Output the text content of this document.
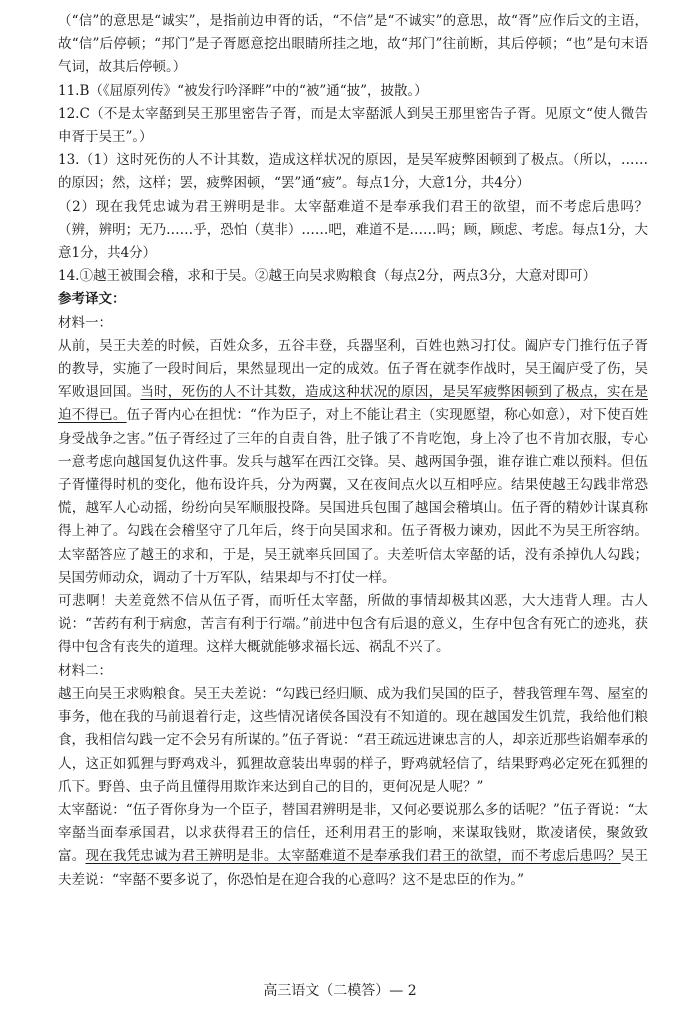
（“信”的意思是“诚实”，是指前边申胥的话，“不信”是“不诚实”的意思，故“胥”应作后文的主语，故“信”后停顿；“邦门”是子胥愿意挖出眼睛所挂之地，故“邦门”往前断，其后停顿；“也”是句末语气词，故其后停顿。）

11.B（《屈原列传》“被发行吟泽畔”中的“被”通“披”，披散。）

12.C（不是太宰嚭到吴王那里密告子胥，而是太宰嚭派人到吴王那里密告子胥。见原文“使人微告申胥于吴王”。）

13.（1）这时死伤的人不计其数，造成这样状况的原因，是吴军疲弊困顿到了极点。（所以，……的原因；然，这样；罢，疲弊困顿，“罢”通“疲”。每点1分，大意1分，共4分）

（2）现在我凭忠诚为君王辨明是非。太宰嚭难道不是奉承我们君王的欲望，而不考虑后患吗？（辨，辨明；无乃……乎，恐怕（莫非）……吧，难道不是……吗；顾，顾虑、考虑。每点1分，大意1分，共4分）

14.①越王被围会稽，求和于吴。②越王向吴求购粮食（每点2分，两点3分，大意对即可）

参考译文：

材料一：

从前，吴王夫差的时候，百姓众多，五谷丰登，兵器坚利，百姓也熟习打仗。阖庐专门推行伍子胥的教导，实施了一段时间后，果然显现出一定的成效。伍子胥在就李作战时，吴王阖庐受了伤，吴军败退回国。当时，死伤的人不计其数，造成这种状况的原因，是吴军疲弊困顿到了极点，实在是迫不得已。伍子胥内心在担忧：“作为臣子，对上不能让君主（实现愿望，称心如意），对下使百姓身受战争之害。”伍子胥经过了三年的自责自咎，肚子饿了不肯吃饱，身上冷了也不肯加衣服，专心一意考虑向越国复仇这件事。发兵与越军在西江交锋。吴、越两国争强，谁存谁亡难以预料。但伍子胥懂得时机的变化，他布设许兵，分为两翼，又在夜间点火以互相呼应。结果使越王勾践非常恐慌，越军人心动摇，纷纷向吴军顺服投降。吴国进兵包围了越国会稽填山。伍子胥的精妙计谋真称得上神了。勾践在会稽坚守了几年后，终于向吴国求和。伍子胥极力谏劝，因此不为吴王所容纳。太宰嚭答应了越王的求和，于是，吴王就率兵回国了。夫差听信太宰嚭的话，没有杀掉仇人勾践；吴国劳师动众，调动了十万军队，结果却与不打仗一样。

可悲啊！夫差竟然不信从伍子胥，而听任太宰嚭，所做的事情却极其凶恶，大大违背人理。古人说：“苦药有利于病愈，苦言有利于行端。”前进中包含有后退的意义，生存中包含有死亡的迹兆，获得中包含有丧失的道理。这样大概就能够求福长远、祸乱不兴了。

材料二：

越王向吴王求购粮食。吴王夫差说：“勾践已经归顺、成为我们吴国的臣子，替我管理车驾、屋室的事务，他在我的马前退着行走，这些情况诸侯各国没有不知道的。现在越国发生饥荒，我给他们粮食，我相信勾践一定不会另有所谋的。”伍子胥说：“君王疏远进谏忠言的人，却亲近那些谄媚奉承的人，这正如狐狸与野鸡戏斗，狐狸故意装出卑弱的样子，野鸡就轻信了，结果野鸡必定死在狐狸的爪下。野兽、虫子尚且懂得用欺诈来达到自己的目的，更何况是人呢？”

太宰嚭说：“伍子胥你身为一个臣子，替国君辨明是非，又何必要说那么多的话呢？”伍子胥说：“太宰嚭当面奉承国君，以求获得君王的信任，还利用君王的影响，来谋取钱财，欺凌诸侯，聚敛致富。现在我凭忠诚为君王辨明是非。太宰嚭难道不是奉承我们君王的欲望，而不考虑后患吗？吴王夫差说：“宰嚭不要多说了，你恐怕是在迎合我的心意吗？这不是忠臣的作为。”

高三语文（二模答）— 2
